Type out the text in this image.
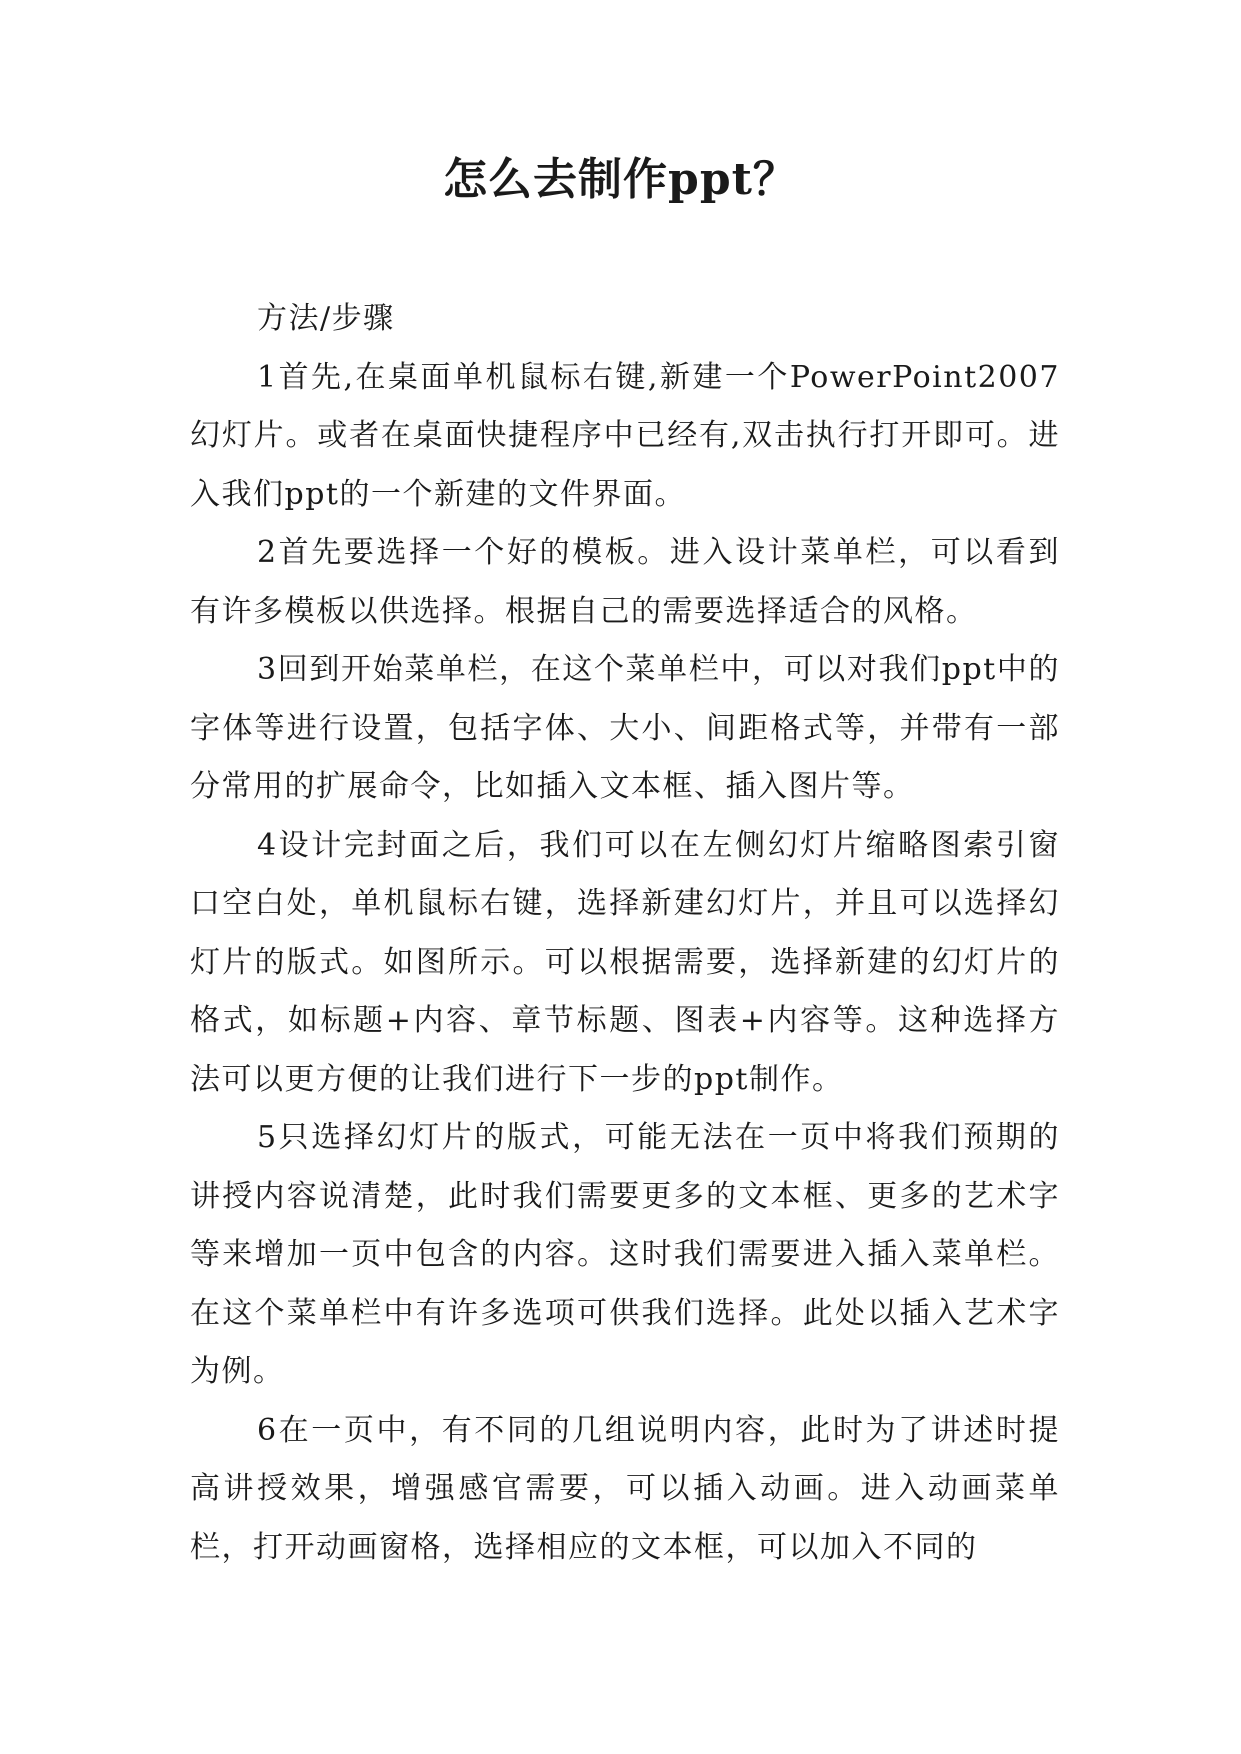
怎么去制作ppt？

方法/步骤

1首先,在桌面单机鼠标右键,新建一个PowerPoint2007幻灯片。或者在桌面快捷程序中已经有,双击执行打开即可。进入我们ppt的一个新建的文件界面。

2首先要选择一个好的模板。进入设计菜单栏，可以看到有许多模板以供选择。根据自己的需要选择适合的风格。

3回到开始菜单栏，在这个菜单栏中，可以对我们ppt中的字体等进行设置，包括字体、大小、间距格式等，并带有一部分常用的扩展命令，比如插入文本框、插入图片等。

4设计完封面之后，我们可以在左侧幻灯片缩略图索引窗口空白处，单机鼠标右键，选择新建幻灯片，并且可以选择幻灯片的版式。如图所示。可以根据需要，选择新建的幻灯片的格式，如标题+内容、章节标题、图表+内容等。这种选择方法可以更方便的让我们进行下一步的ppt制作。

5只选择幻灯片的版式，可能无法在一页中将我们预期的讲授内容说清楚，此时我们需要更多的文本框、更多的艺术字等来增加一页中包含的内容。这时我们需要进入插入菜单栏。在这个菜单栏中有许多选项可供我们选择。此处以插入艺术字为例。

6在一页中，有不同的几组说明内容，此时为了讲述时提高讲授效果，增强感官需要，可以插入动画。进入动画菜单栏，打开动画窗格，选择相应的文本框，可以加入不同的
